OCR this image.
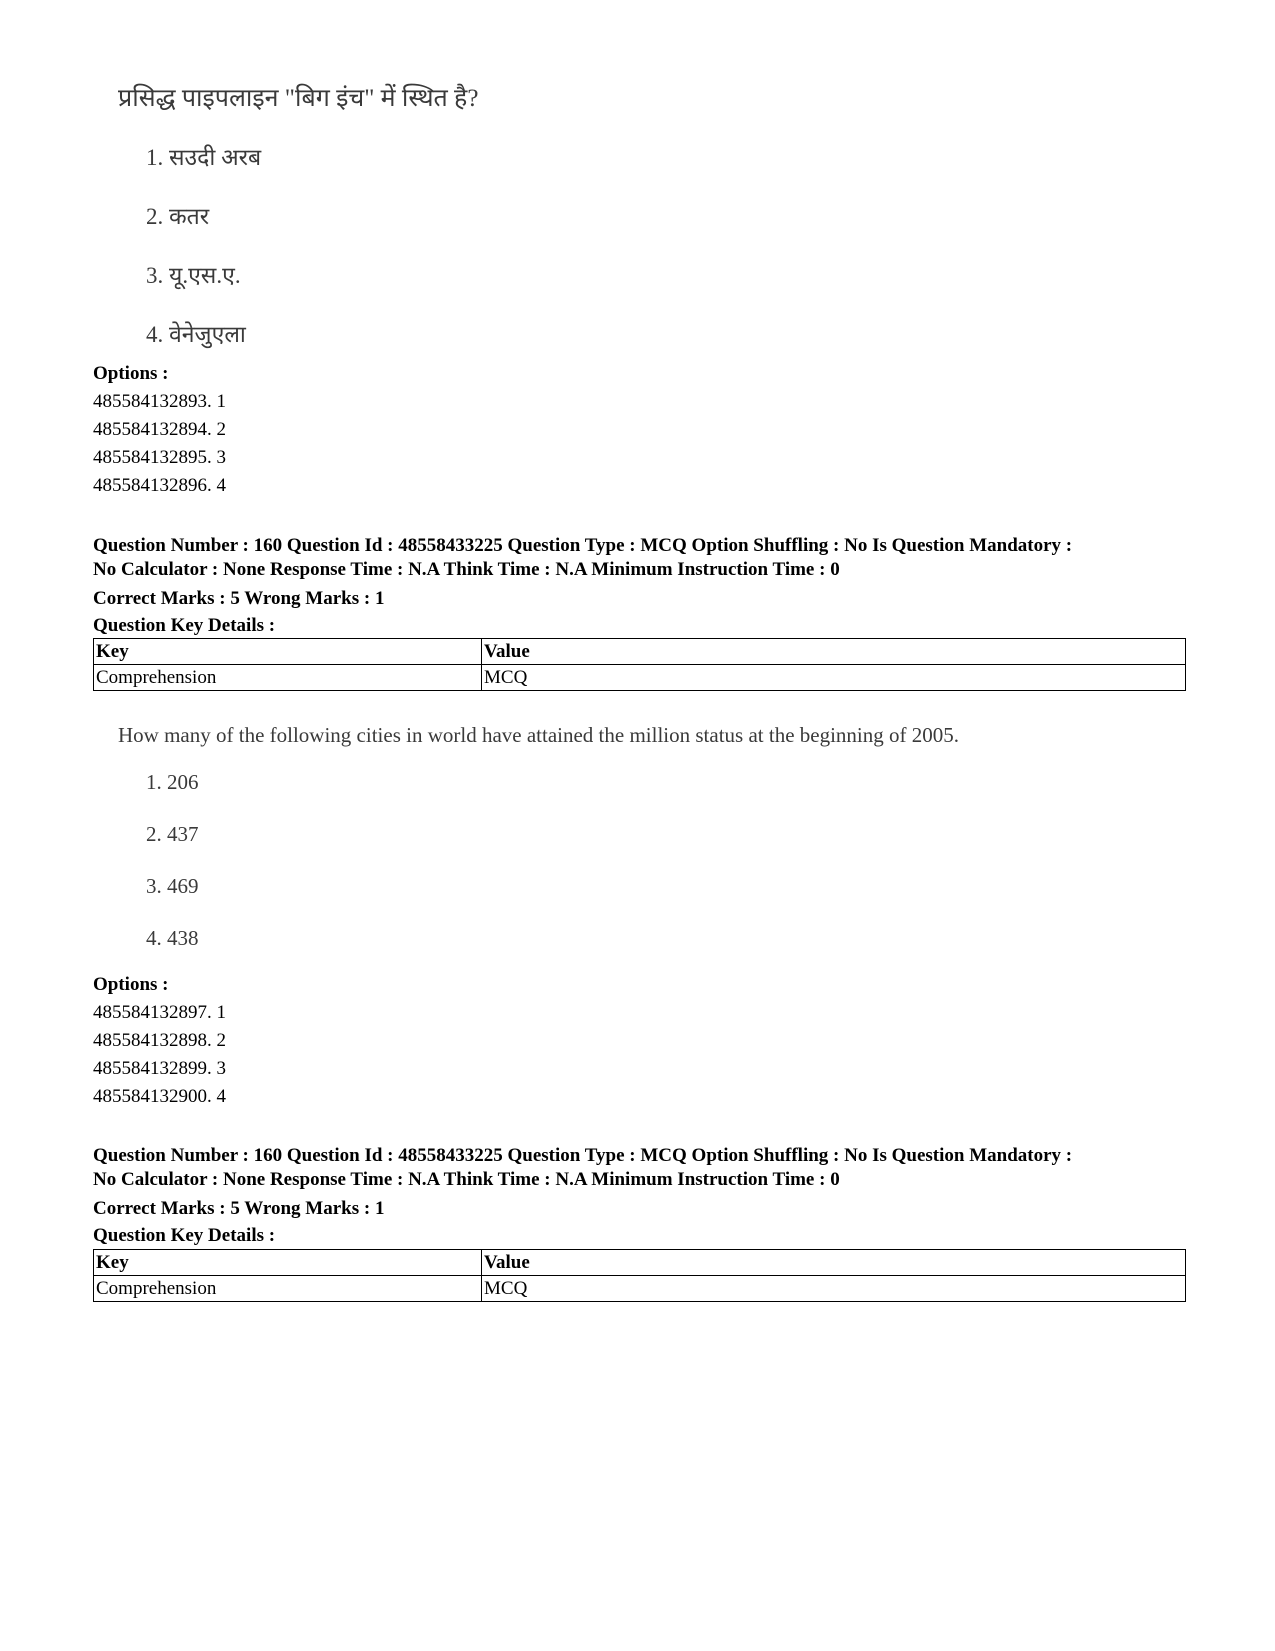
प्रसिद्ध पाइपलाइन "बिग इंच" में स्थित है?

1. सउदी अरब
2. कतर
3. यू.एस.ए.
4. वेनेजुएला
Options :
485584132893. 1
485584132894. 2
485584132895. 3
485584132896. 4
Question Number : 160 Question Id : 48558433225 Question Type : MCQ Option Shuffling : No Is Question Mandatory :
No Calculator : None Response Time : N.A Think Time : N.A Minimum Instruction Time : 0
Correct Marks : 5 Wrong Marks : 1
Question Key Details :
Key	Value
Comprehension	MCQ

How many of the following cities in world have attained the million status at the beginning of 2005.

1. 206
2. 437
3. 469
4. 438
Options :
485584132897. 1
485584132898. 2
485584132899. 3
485584132900. 4
Question Number : 160 Question Id : 48558433225 Question Type : MCQ Option Shuffling : No Is Question Mandatory :
No Calculator : None Response Time : N.A Think Time : N.A Minimum Instruction Time : 0
Correct Marks : 5 Wrong Marks : 1
Question Key Details :
Key	Value
Comprehension	MCQ
